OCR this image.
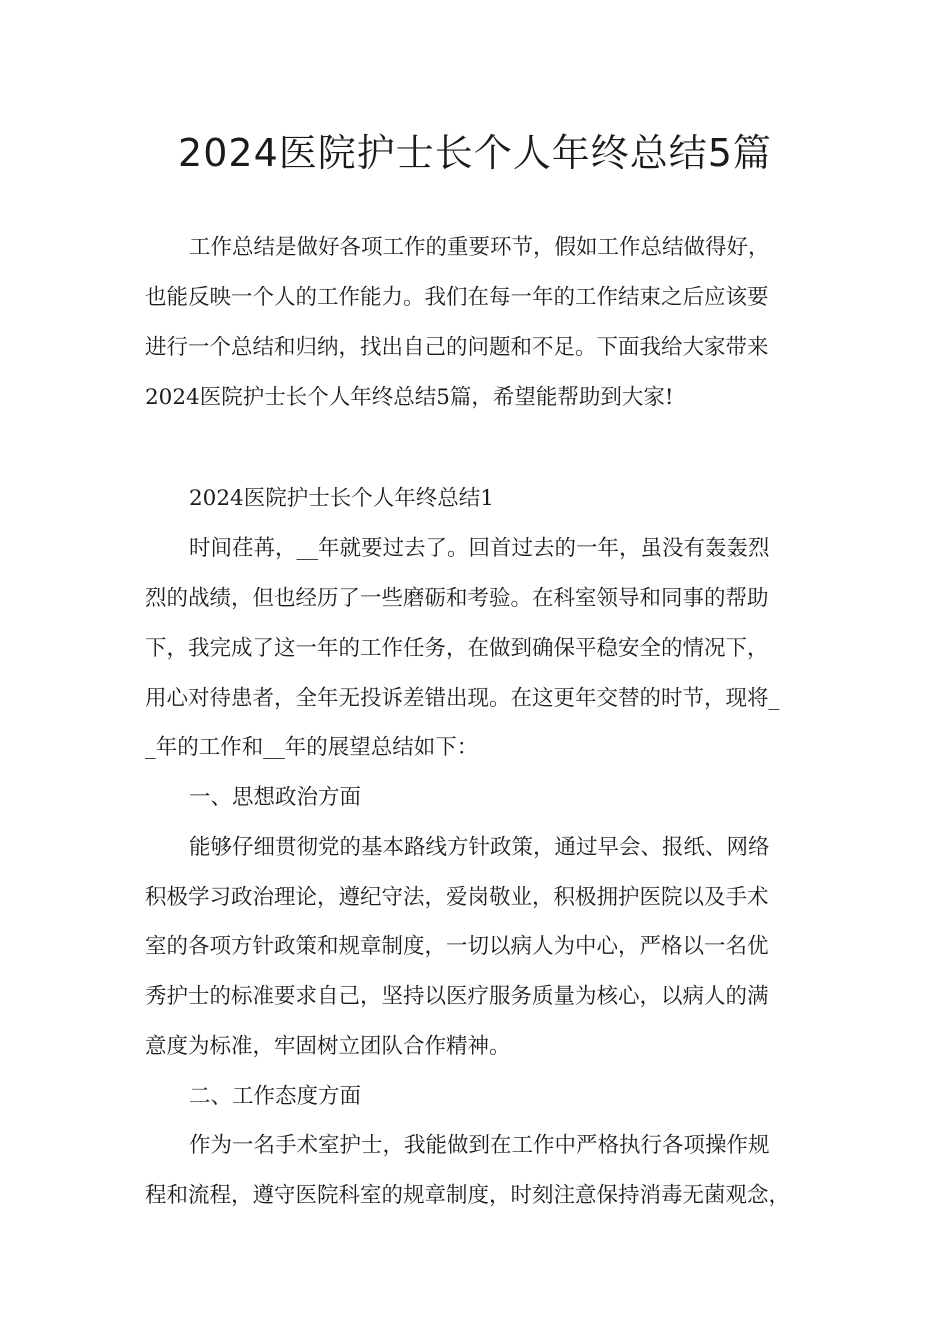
2024医院护士长个人年终总结5篇

工作总结是做好各项工作的重要环节，假如工作总结做得好，

也能反映一个人的工作能力。我们在每一年的工作结束之后应该要

进行一个总结和归纳，找出自己的问题和不足。下面我给大家带来

2024医院护士长个人年终总结5篇，希望能帮助到大家!

2024医院护士长个人年终总结1

时间荏苒，__年就要过去了。回首过去的一年，虽没有轰轰烈

烈的战绩，但也经历了一些磨砺和考验。在科室领导和同事的帮助

下，我完成了这一年的工作任务，在做到确保平稳安全的情况下，

用心对待患者，全年无投诉差错出现。在这更年交替的时节，现将_

_年的工作和__年的展望总结如下：

一、思想政治方面

能够仔细贯彻党的基本路线方针政策，通过早会、报纸、网络

积极学习政治理论，遵纪守法，爱岗敬业，积极拥护医院以及手术

室的各项方针政策和规章制度，一切以病人为中心，严格以一名优

秀护士的标准要求自己，坚持以医疗服务质量为核心，以病人的满

意度为标准，牢固树立团队合作精神。

二、工作态度方面

作为一名手术室护士，我能做到在工作中严格执行各项操作规

程和流程，遵守医院科室的规章制度，时刻注意保持消毒无菌观念，
